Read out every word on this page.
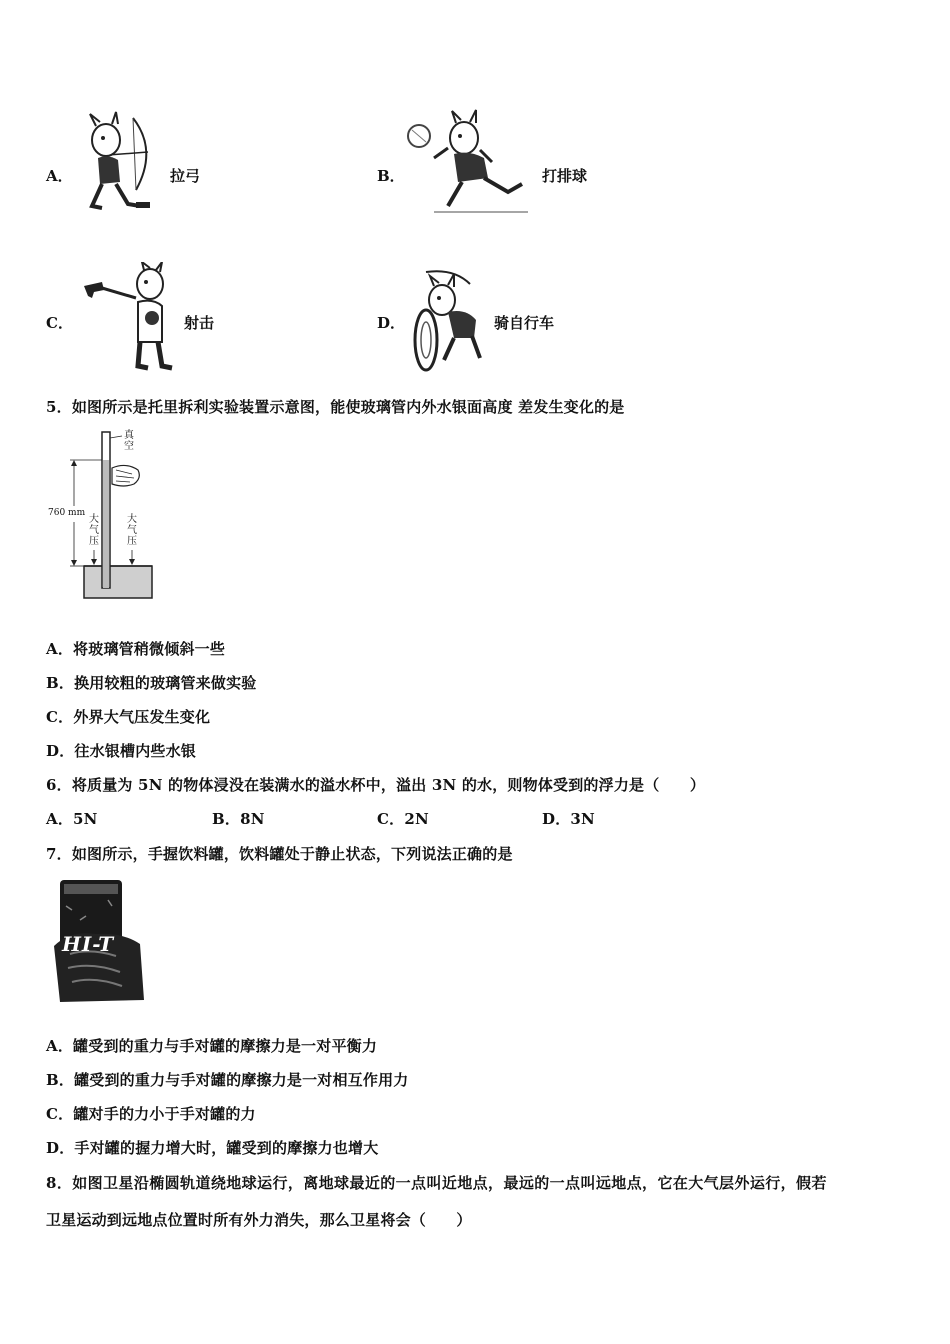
A．	拉弓	B．	打排球
C．	射击	D．	骑自行车
5．如图所示是托里拆利实验装置示意图，能使玻璃管内外水银面高度 差发生变化的是
真空
760 mm
大气压
大气压
A．将玻璃管稍微倾斜一些
B．换用较粗的玻璃管来做实验
C．外界大气压发生变化
D．往水银槽内些水银
6．将质量为 5N 的物体浸没在装满水的溢水杯中，溢出 3N 的水，则物体受到的浮力是（　　）
A．5N	B．8N	C．2N	D．3N
7．如图所示，手握饮料罐，饮料罐处于静止状态，下列说法正确的是
HI-T
A．罐受到的重力与手对罐的摩擦力是一对平衡力
B．罐受到的重力与手对罐的摩擦力是一对相互作用力
C．罐对手的力小于手对罐的力
D．手对罐的握力增大时，罐受到的摩擦力也增大
8．如图卫星沿椭圆轨道绕地球运行，离地球最近的一点叫近地点，最远的一点叫远地点，它在大气层外运行，假若
卫星运动到远地点位置时所有外力消失，那么卫星将会（　　）
